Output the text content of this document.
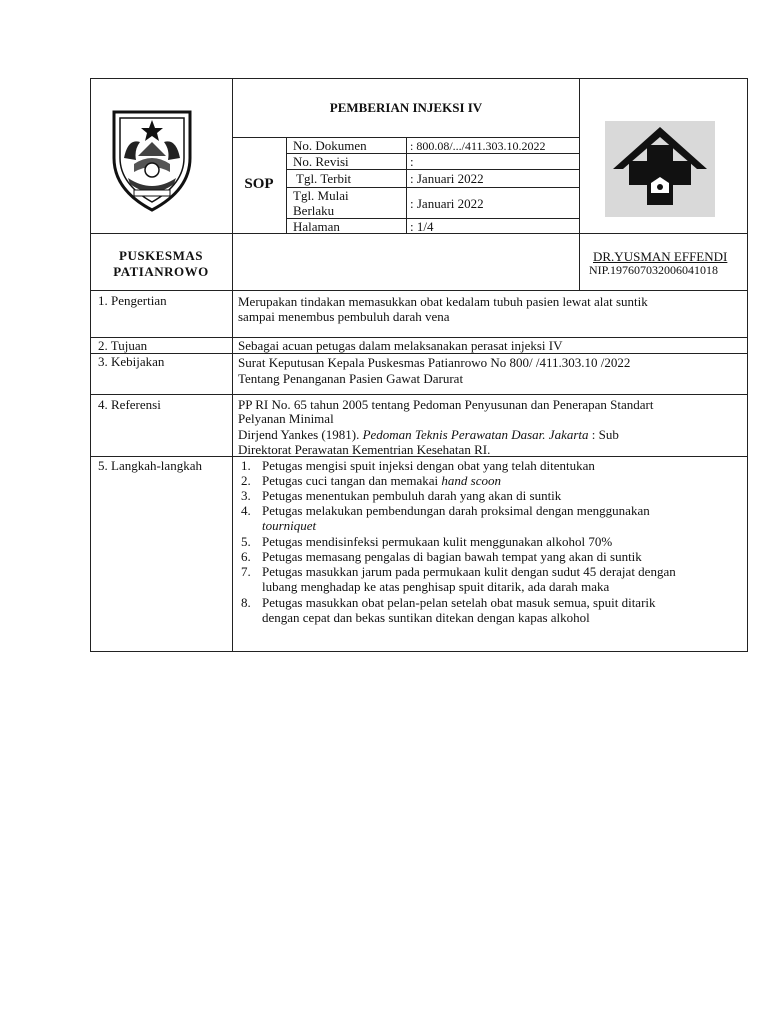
PEMBERIAN INJEKSI IV
SOP
No. Dokumen	: 800.08/.../411.303.10.2022
No. Revisi	:
Tgl. Terbit	: Januari 2022
Tgl. Mulai
Berlaku	: Januari 2022
Halaman	: 1/4
PUSKESMAS
PATIANROWO
DR.YUSMAN EFFENDI
NIP.197607032006041018
1. Pengertian	Merupakan tindakan memasukkan obat kedalam tubuh pasien lewat alat suntik
sampai menembus pembuluh darah vena
2. Tujuan	Sebagai acuan petugas dalam melaksanakan perasat injeksi IV
3. Kebijakan	Surat Keputusan Kepala Puskesmas Patianrowo No 800/ /411.303.10 /2022
Tentang Penanganan Pasien Gawat Darurat
4. Referensi	PP RI No. 65 tahun 2005 tentang Pedoman Penyusunan dan Penerapan Standart
Pelyanan Minimal
Dirjend Yankes (1981). Pedoman Teknis Perawatan Dasar. Jakarta : Sub
Direktorat Perawatan Kementrian Kesehatan RI.
5. Langkah-langkah	1. Petugas mengisi spuit injeksi dengan obat yang telah ditentukan
2. Petugas cuci tangan dan memakai hand scoon
3. Petugas menentukan pembuluh darah yang akan di suntik
4. Petugas melakukan pembendungan darah proksimal dengan menggunakan
tourniquet
5. Petugas mendisinfeksi permukaan kulit menggunakan alkohol 70%
6. Petugas memasang pengalas di bagian bawah tempat yang akan di suntik
7. Petugas masukkan jarum pada permukaan kulit dengan sudut 45 derajat dengan
lubang menghadap ke atas penghisap spuit ditarik, ada darah maka
8. Petugas masukkan obat pelan-pelan setelah obat masuk semua, spuit ditarik
dengan cepat dan bekas suntikan ditekan dengan kapas alkohol
